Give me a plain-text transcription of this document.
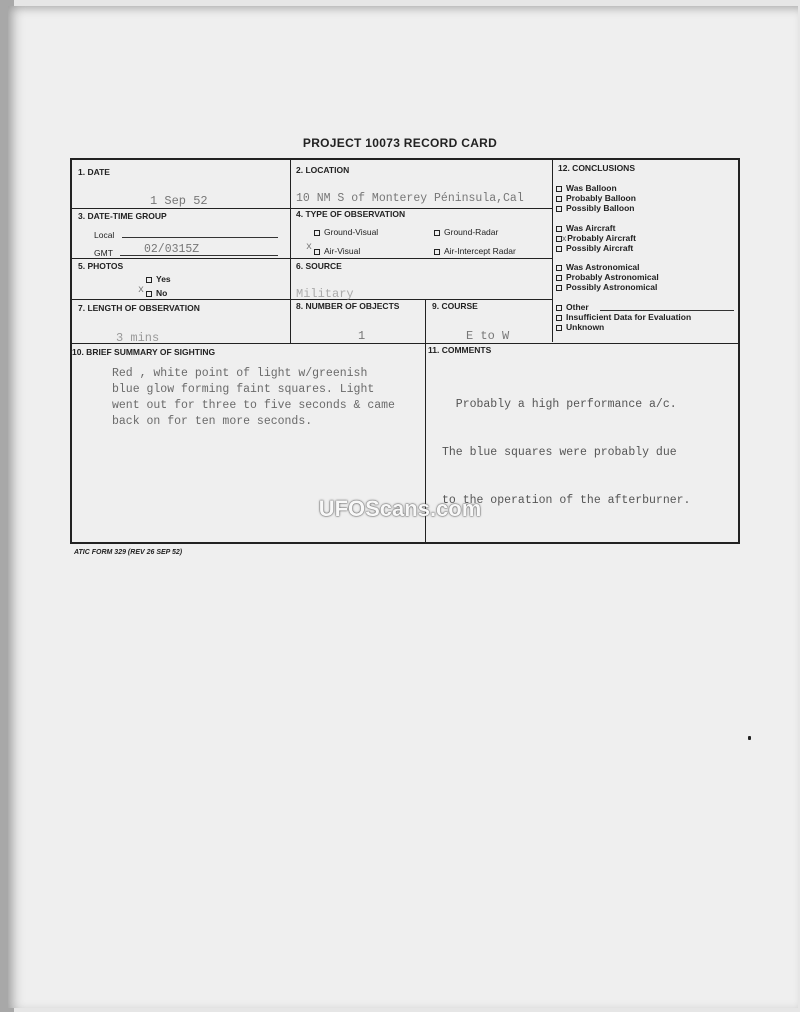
PROJECT 10073 RECORD CARD
1. DATE
1 Sep 52
2. LOCATION
10 NM S of Monterey Péninsula,Cal
3. DATE-TIME GROUP
Local
GMT	02/0315Z
4. TYPE OF OBSERVATION
Ground-Visual	Ground-Radar
x	Air-Visual	Air-Intercept Radar
5. PHOTOS
Yes
x	No
6. SOURCE
Military
7. LENGTH OF OBSERVATION
3 mins
8. NUMBER OF OBJECTS
1
9. COURSE
E to W
10. BRIEF SUMMARY OF SIGHTING
Red , white point of light w/greenish
blue glow forming faint squares. Light
went out for three to five seconds & came
back on for ten more seconds.
11. COMMENTS

Probably a high performance a/c.

The blue squares were probably due

to the operation of the afterburner.

12. CONCLUSIONS
Was Balloon
Probably Balloon
Possibly Balloon
Was Aircraft
xProbably Aircraft
Possibly Aircraft
Was Astronomical
Probably Astronomical
Possibly Astronomical
Other
Insufficient Data for Evaluation
Unknown
ATIC FORM 329 (REV 26 SEP 52)
UFOScans.com
